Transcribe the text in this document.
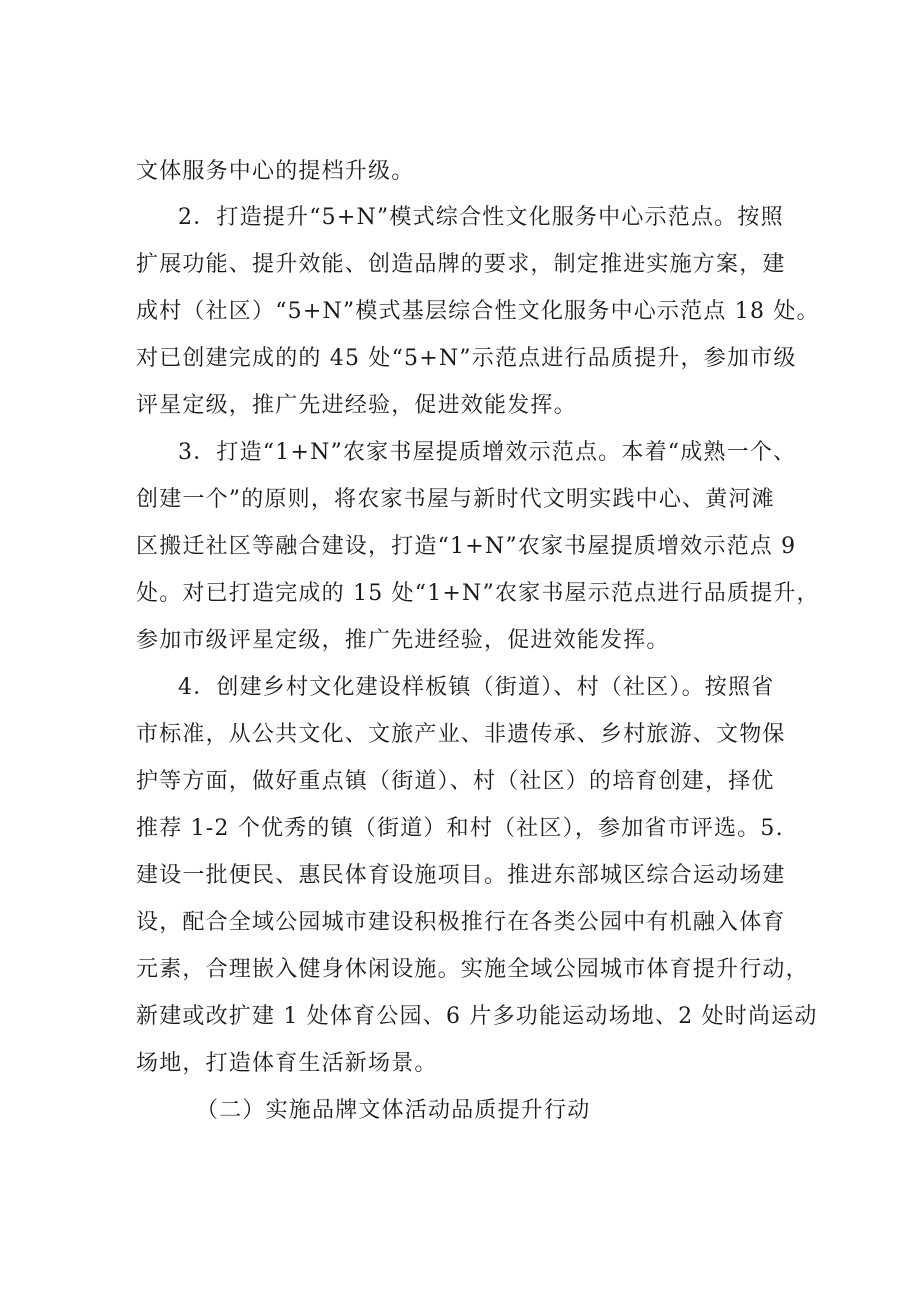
文体服务中心的提档升级。
2．打造提升“5+N”模式综合性文化服务中心示范点。按照
扩展功能、提升效能、创造品牌的要求，制定推进实施方案，建
成村（社区）“5+N”模式基层综合性文化服务中心示范点 18 处。
对已创建完成的的 45 处“5+N”示范点进行品质提升，参加市级
评星定级，推广先进经验，促进效能发挥。
3．打造“1+N”农家书屋提质增效示范点。本着“成熟一个、
创建一个”的原则，将农家书屋与新时代文明实践中心、黄河滩
区搬迁社区等融合建设，打造“1+N”农家书屋提质增效示范点 9
处。对已打造完成的 15 处“1+N”农家书屋示范点进行品质提升，
参加市级评星定级，推广先进经验，促进效能发挥。
4．创建乡村文化建设样板镇（街道）、村（社区）。按照省
市标准，从公共文化、文旅产业、非遗传承、乡村旅游、文物保
护等方面，做好重点镇（街道）、村（社区）的培育创建，择优
推荐 1-2 个优秀的镇（街道）和村（社区），参加省市评选。5.
建设一批便民、惠民体育设施项目。推进东部城区综合运动场建
设，配合全域公园城市建设积极推行在各类公园中有机融入体育
元素，合理嵌入健身休闲设施。实施全域公园城市体育提升行动，
新建或改扩建 1 处体育公园、6 片多功能运动场地、2 处时尚运动
场地，打造体育生活新场景。
（二）实施品牌文体活动品质提升行动
